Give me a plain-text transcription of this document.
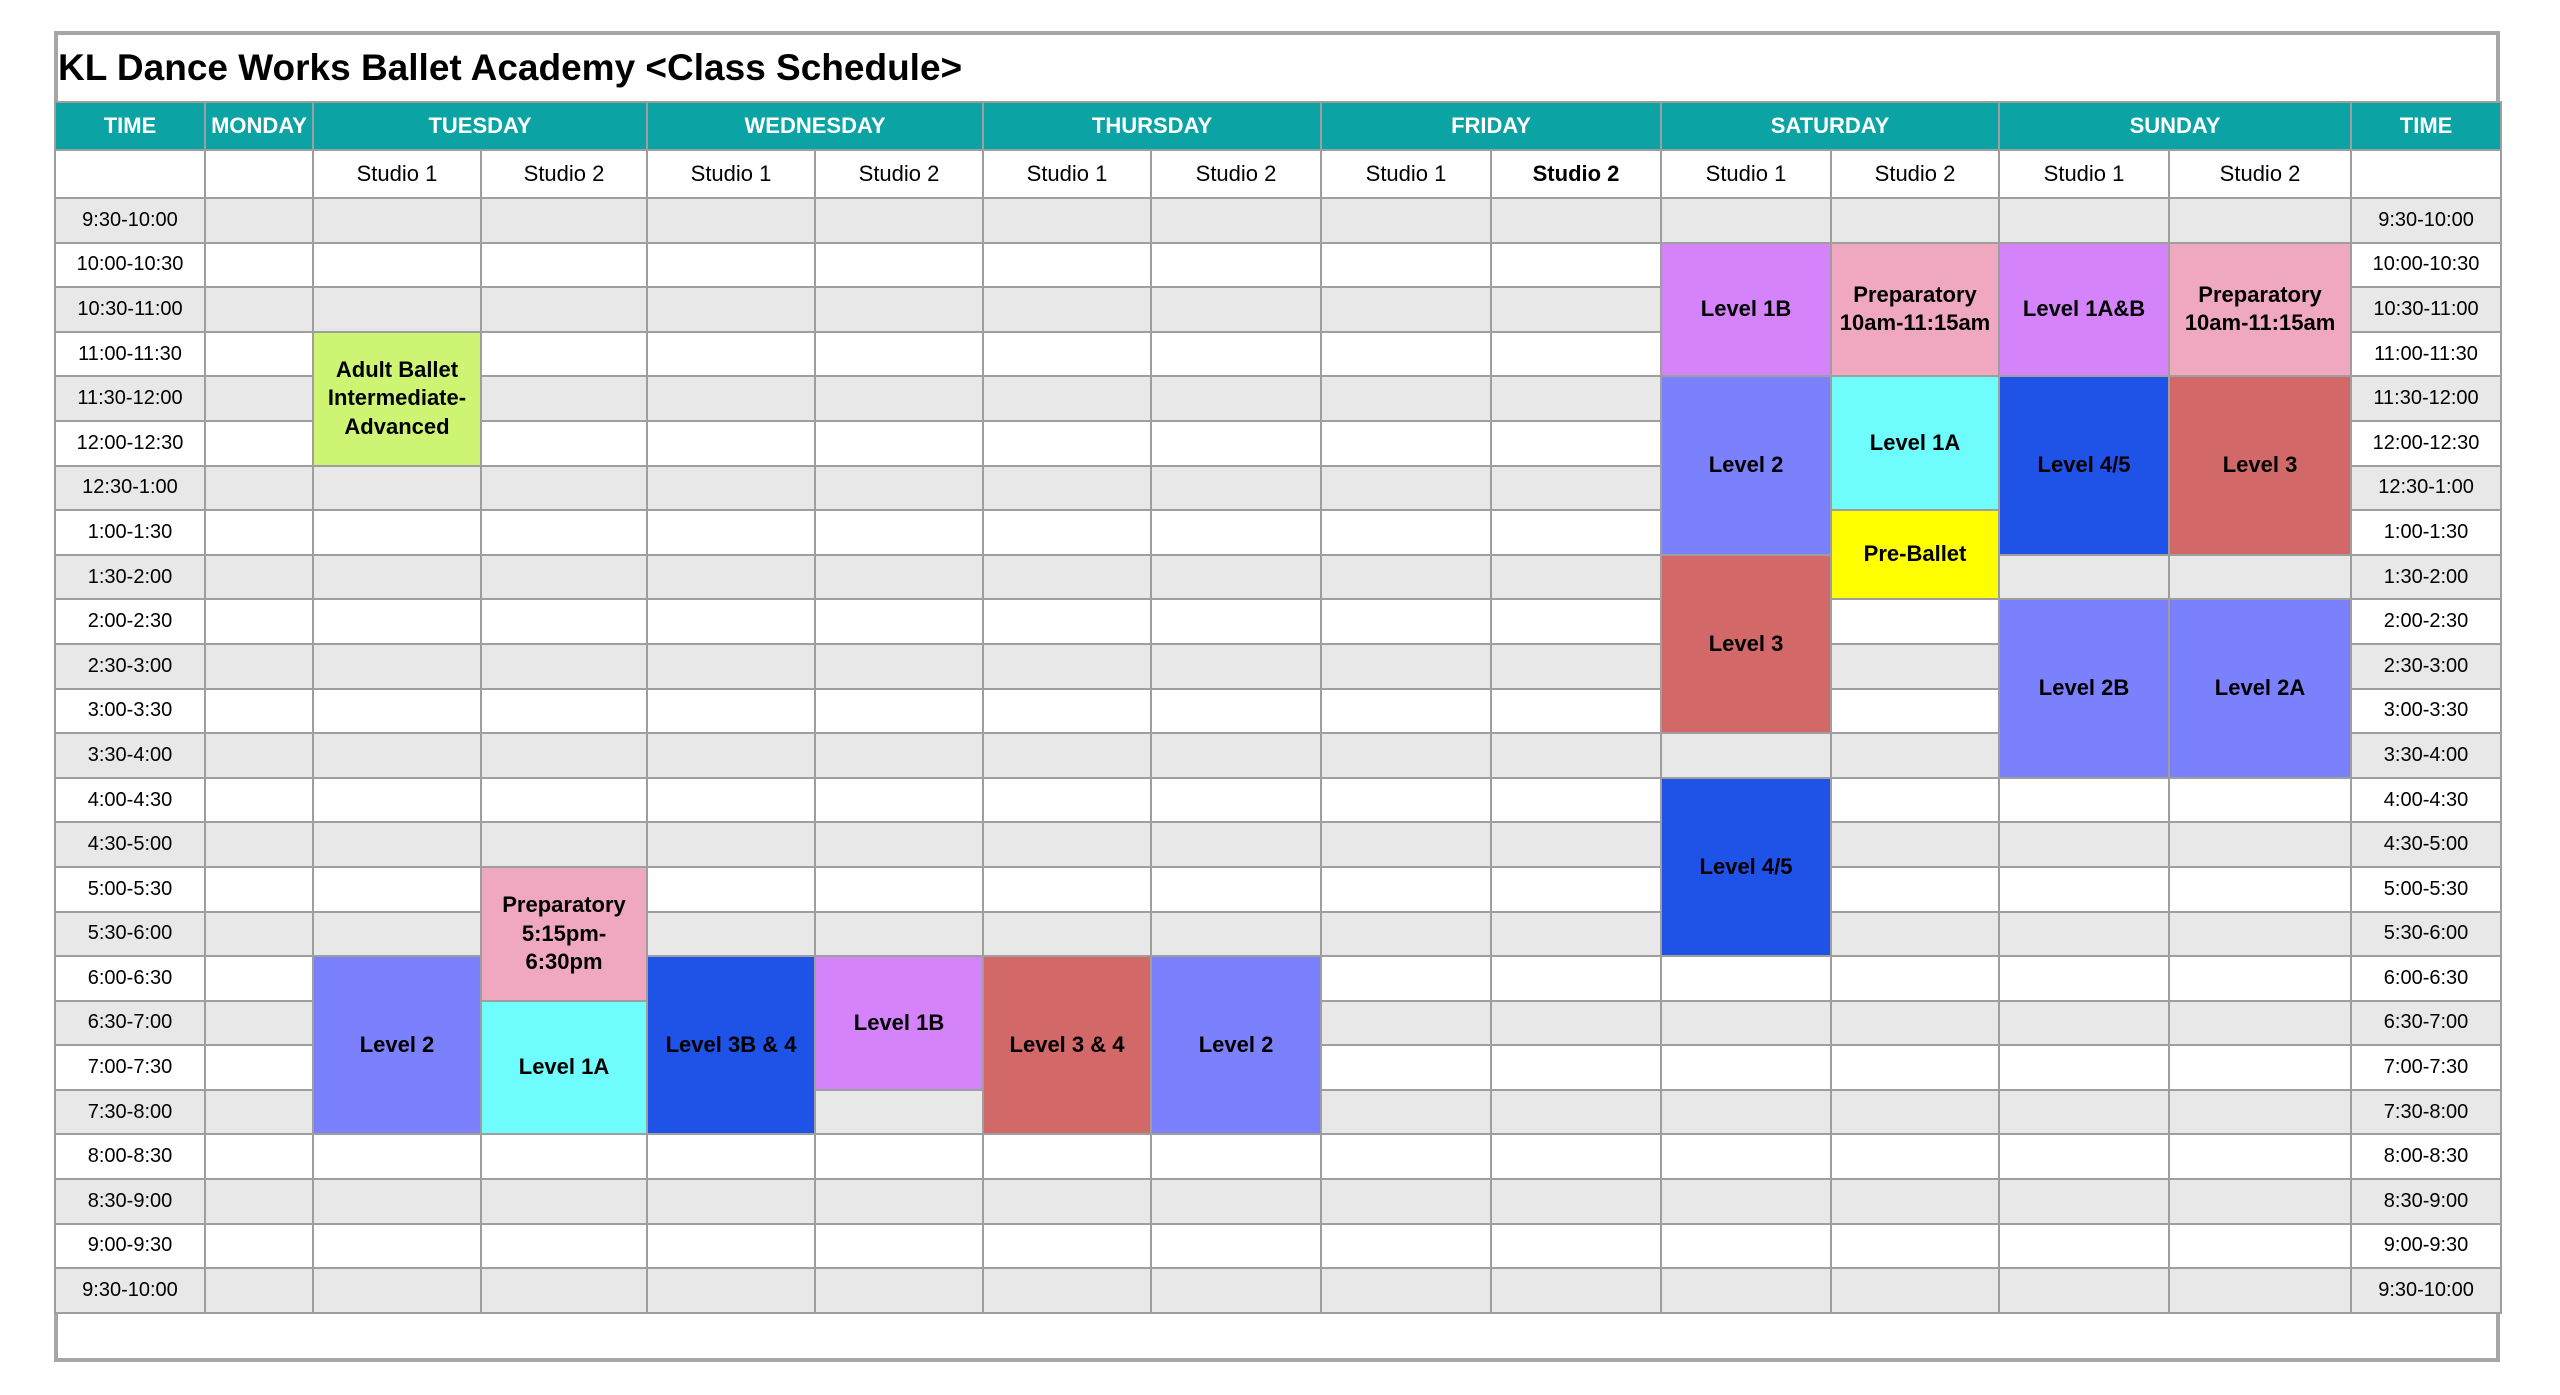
KL Dance Works Ballet Academy <Class Schedule>
TIME	MONDAY	TUESDAY		WEDNESDAY		THURSDAY		FRIDAY		SATURDAY		SUNDAY		TIME
		Studio 1	Studio 2	Studio 1	Studio 2	Studio 1	Studio 2	Studio 1	Studio 2	Studio 1	Studio 2	Studio 1	Studio 2	
9:30-10:00														9:30-10:00
10:00-10:30										Level 1B	Preparatory 10am-11:15am	Level 1A&B	Preparatory 10am-11:15am	10:00-10:30
10:30-11:00														10:30-11:00
11:00-11:30		Adult Ballet Intermediate-Advanced												11:00-11:30
11:30-12:00										Level 2	Level 1A	Level 4/5	Level 3	11:30-12:00
12:00-12:30														12:00-12:30
12:30-1:00														12:30-1:00
1:00-1:30											Pre-Ballet			1:00-1:30
1:30-2:00										Level 3				1:30-2:00
2:00-2:30												Level 2B	Level 2A	2:00-2:30
2:30-3:00														2:30-3:00
3:00-3:30														3:00-3:30
3:30-4:00														3:30-4:00
4:00-4:30										Level 4/5				4:00-4:30
4:30-5:00														4:30-5:00
5:00-5:30			Preparatory 5:15pm-6:30pm											5:00-5:30
5:30-6:00														5:30-6:00
6:00-6:30		Level 2		Level 3B & 4	Level 1B	Level 3 & 4	Level 2							6:00-6:30
6:30-7:00			Level 1A											6:30-7:00
7:00-7:30														7:00-7:30
7:30-8:00														7:30-8:00
8:00-8:30														8:00-8:30
8:30-9:00														8:30-9:00
9:00-9:30														9:00-9:30
9:30-10:00														9:30-10:00
